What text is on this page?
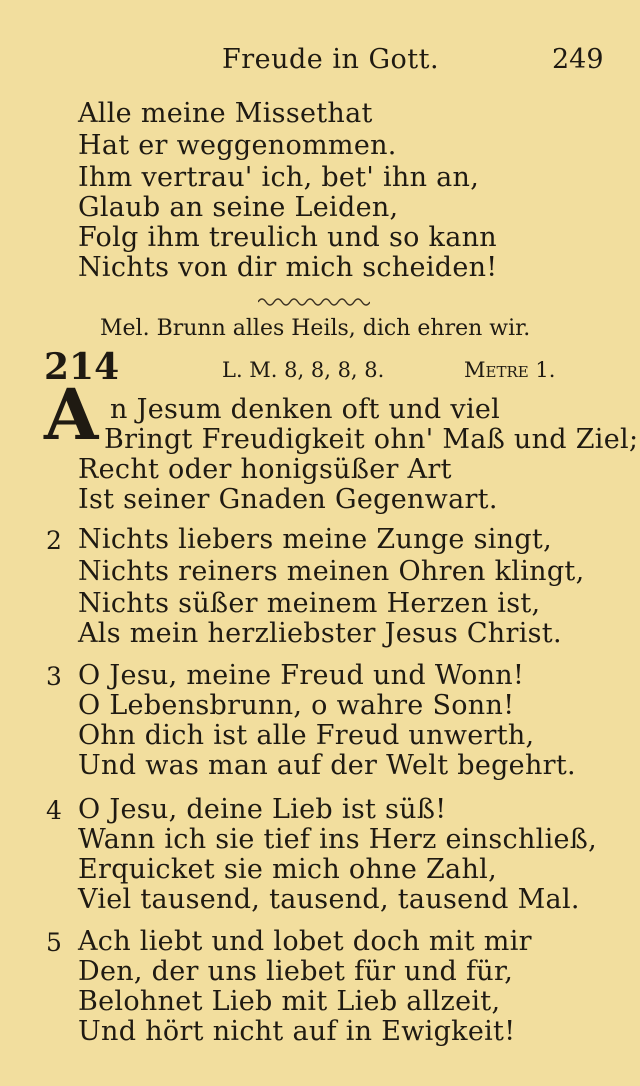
Freude in Gott.	249
Alle meine Missethat
Hat er weggenommen.
Ihm vertrau' ich, bet' ihn an,
Glaub an seine Leiden,
Folg ihm treulich und so kann
Nichts von dir mich scheiden!
Mel. Brunn alles Heils, dich ehren wir.
214	L. M. 8, 8, 8, 8.	Metre 1.
A n Jesum denken oft und viel
Bringt Freudigkeit ohn' Maß und Ziel;
Recht oder honigsüßer Art
Ist seiner Gnaden Gegenwart.
2 Nichts liebers meine Zunge singt,
Nichts reiners meinen Ohren klingt,
Nichts süßer meinem Herzen ist,
Als mein herzliebster Jesus Christ.
3 O Jesu, meine Freud und Wonn!
O Lebensbrunn, o wahre Sonn!
Ohn dich ist alle Freud unwerth,
Und was man auf der Welt begehrt.
4 O Jesu, deine Lieb ist süß!
Wann ich sie tief ins Herz einschließ,
Erquicket sie mich ohne Zahl,
Viel tausend, tausend, tausend Mal.
5 Ach liebt und lobet doch mit mir
Den, der uns liebet für und für,
Belohnet Lieb mit Lieb allzeit,
Und hört nicht auf in Ewigkeit!
